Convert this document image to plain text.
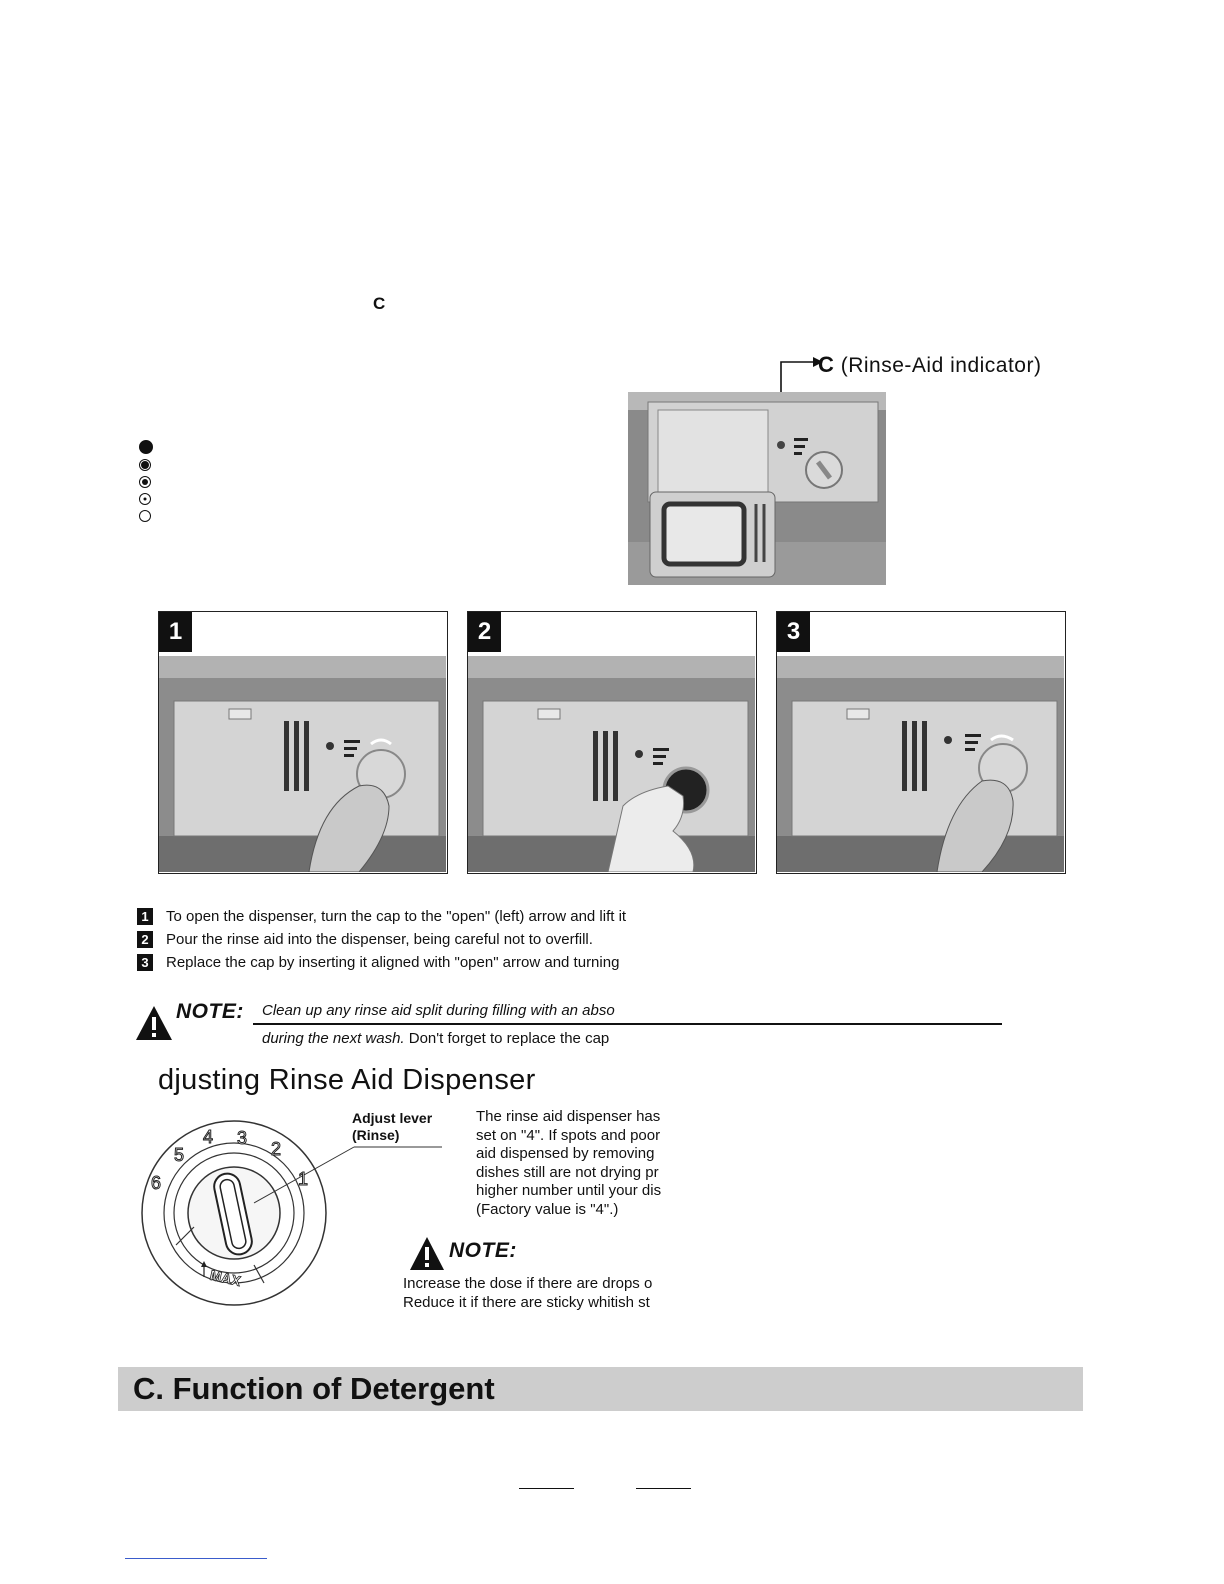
C
C (Rinse-Aid indicator)
1	2	3
1 To open the dispenser, turn the cap to the "open" (left) arrow and lift it
2 Pour the rinse aid into the dispenser, being careful not to overfill.
3 Replace the cap by inserting it aligned with "open" arrow and turning
NOTE: Clean up any rinse aid split during filling with an abso
during the next wash. Don't forget to replace the cap
djusting Rinse Aid Dispenser
1
2
3
4
5
6
MAX
Adjust lever
(Rinse)
The rinse aid dispenser has
set on "4". If spots and poor
aid dispensed by removing
dishes still are not drying pr
higher number until your dis
(Factory value is "4".)
NOTE:
Increase the dose if there are drops o
Reduce it if there are sticky whitish st
C. Function of Detergent
